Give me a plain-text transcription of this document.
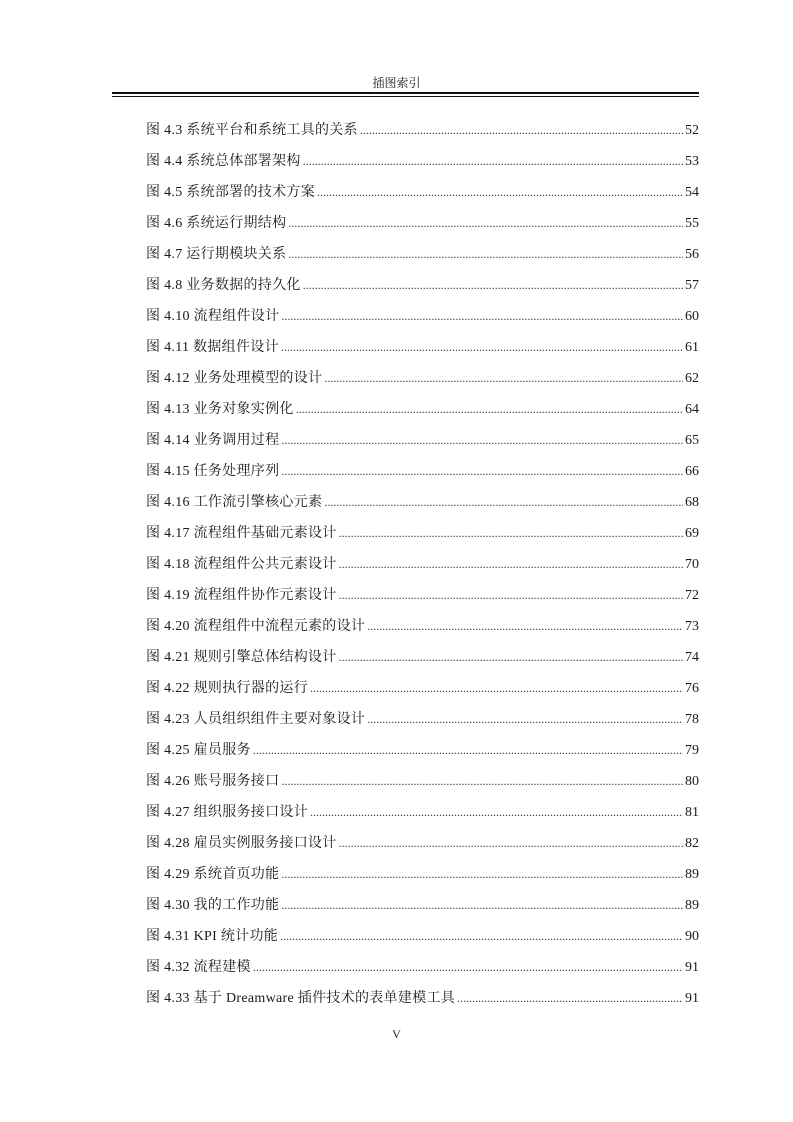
插图索引
图 4.3 系统平台和系统工具的关系 .....	52
图 4.4 系统总体部署架构 .....	53
图 4.5 系统部署的技术方案 .....	54
图 4.6 系统运行期结构 .....	55
图 4.7 运行期模块关系 .....	56
图 4.8 业务数据的持久化 .....	57
图 4.10 流程组件设计 .....	60
图 4.11 数据组件设计 .....	61
图 4.12 业务处理模型的设计 .....	62
图 4.13 业务对象实例化 .....	64
图 4.14 业务调用过程 .....	65
图 4.15 任务处理序列 .....	66
图 4.16 工作流引擎核心元素 .....	68
图 4.17 流程组件基础元素设计 .....	69
图 4.18 流程组件公共元素设计 .....	70
图 4.19 流程组件协作元素设计 .....	72
图 4.20 流程组件中流程元素的设计 .....	73
图 4.21 规则引擎总体结构设计 .....	74
图 4.22 规则执行器的运行 .....	76
图 4.23 人员组织组件主要对象设计 .....	78
图 4.25 雇员服务 .....	79
图 4.26 账号服务接口 .....	80
图 4.27 组织服务接口设计 .....	81
图 4.28 雇员实例服务接口设计 .....	82
图 4.29 系统首页功能 .....	89
图 4.30 我的工作功能 .....	89
图 4.31 KPI 统计功能 .....	90
图 4.32 流程建模 .....	91
图 4.33 基于 Dreamware 插件技术的表单建模工具 .....	91
V
